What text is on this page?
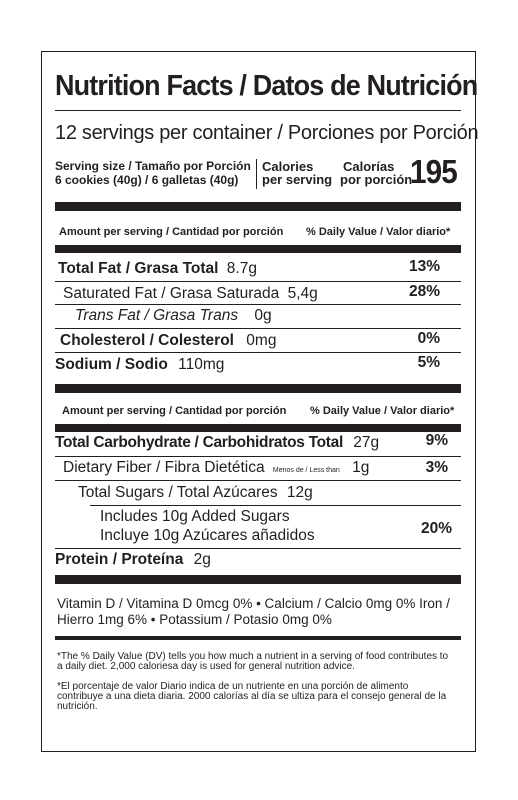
Nutrition Facts / Datos de Nutrición
12 servings per container / Porciones por Porción
Serving size / Tamaño por Porción
6 cookies (40g) / 6 galletas (40g)
Calories
per serving
Calorías
por porción
195
Amount per serving / Cantidad por porción % Daily Value / Valor diario*
Total Fat / Grasa Total 8.7g	13%
Saturated Fat / Grasa Saturada 5,4g	28%
Trans Fat / Grasa Trans 0g
Cholesterol / Colesterol 0mg	0%
Sodium / Sodio 110mg	5%
Amount per serving / Cantidad por porción % Daily Value / Valor diario*
Total Carbohydrate / Carbohidratos Total 27g	9%
Dietary Fiber / Fibra Dietética Menos de / Less than 1g	3%
Total Sugars / Total Azúcares 12g
Includes 10g Added Sugars
Incluye 10g Azúcares añadidos	20%
Protein / Proteína 2g
Vitamin D / Vitamina D 0mcg 0% • Calcium / Calcio 0mg 0% Iron /
Hierro 1mg 6% • Potassium / Potasio 0mg 0%
*The % Daily Value (DV) tells you how much a nutrient in a serving of food contributes to
a daily diet. 2,000 caloriesa day is used for general nutrition advice.
*El porcentaje de valor Diario indica de un nutriente en una porción de alimento
contribuye a una dieta diaria. 2000 calorías al día se ultiza para el consejo general de la
nutrición.
